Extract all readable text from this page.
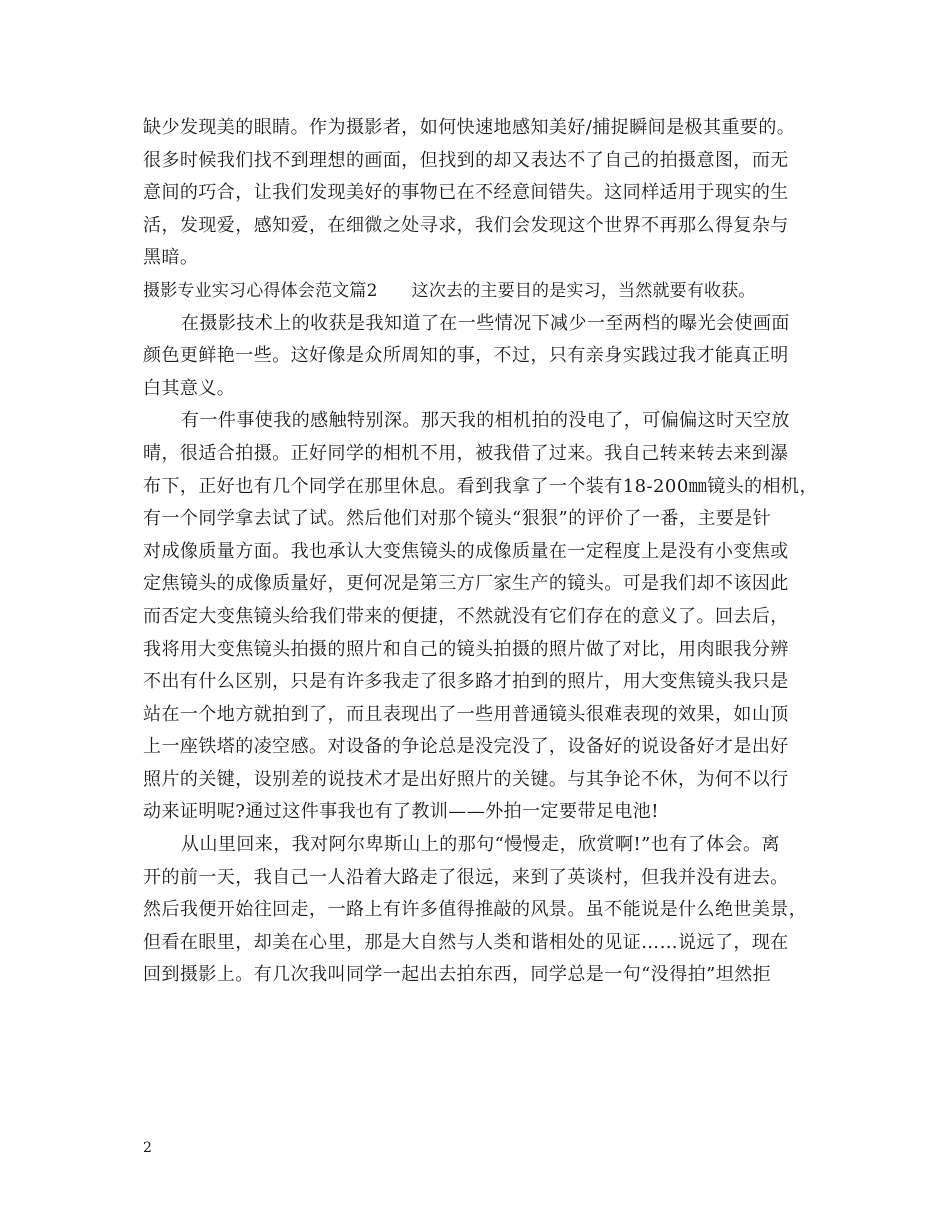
缺少发现美的眼睛。作为摄影者，如何快速地感知美好/捕捉瞬间是极其重要的。
很多时候我们找不到理想的画面，但找到的却又表达不了自己的拍摄意图，而无
意间的巧合，让我们发现美好的事物已在不经意间错失。这同样适用于现实的生
活，发现爱，感知爱，在细微之处寻求，我们会发现这个世界不再那么得复杂与
黑暗。
摄影专业实习心得体会范文篇2 这次去的主要目的是实习，当然就要有收获。
在摄影技术上的收获是我知道了在一些情况下减少一至两档的曝光会使画面
颜色更鲜艳一些。这好像是众所周知的事，不过，只有亲身实践过我才能真正明
白其意义。
有一件事使我的感触特别深。那天我的相机拍的没电了，可偏偏这时天空放
晴，很适合拍摄。正好同学的相机不用，被我借了过来。我自己转来转去来到瀑
布下，正好也有几个同学在那里休息。看到我拿了一个装有18-200㎜镜头的相机，
有一个同学拿去试了试。然后他们对那个镜头“狠狠”的评价了一番，主要是针
对成像质量方面。我也承认大变焦镜头的成像质量在一定程度上是没有小变焦或
定焦镜头的成像质量好，更何况是第三方厂家生产的镜头。可是我们却不该因此
而否定大变焦镜头给我们带来的便捷，不然就没有它们存在的意义了。回去后，
我将用大变焦镜头拍摄的照片和自己的镜头拍摄的照片做了对比，用肉眼我分辨
不出有什么区别，只是有许多我走了很多路才拍到的照片，用大变焦镜头我只是
站在一个地方就拍到了，而且表现出了一些用普通镜头很难表现的效果，如山顶
上一座铁塔的凌空感。对设备的争论总是没完没了，设备好的说设备好才是出好
照片的关键，设别差的说技术才是出好照片的关键。与其争论不休，为何不以行
动来证明呢?通过这件事我也有了教训——外拍一定要带足电池!
从山里回来，我对阿尔卑斯山上的那句“慢慢走，欣赏啊!”也有了体会。离
开的前一天，我自己一人沿着大路走了很远，来到了英谈村，但我并没有进去。
然后我便开始往回走，一路上有许多值得推敲的风景。虽不能说是什么绝世美景，
但看在眼里，却美在心里，那是大自然与人类和谐相处的见证……说远了，现在
回到摄影上。有几次我叫同学一起出去拍东西，同学总是一句“没得拍”坦然拒
2
